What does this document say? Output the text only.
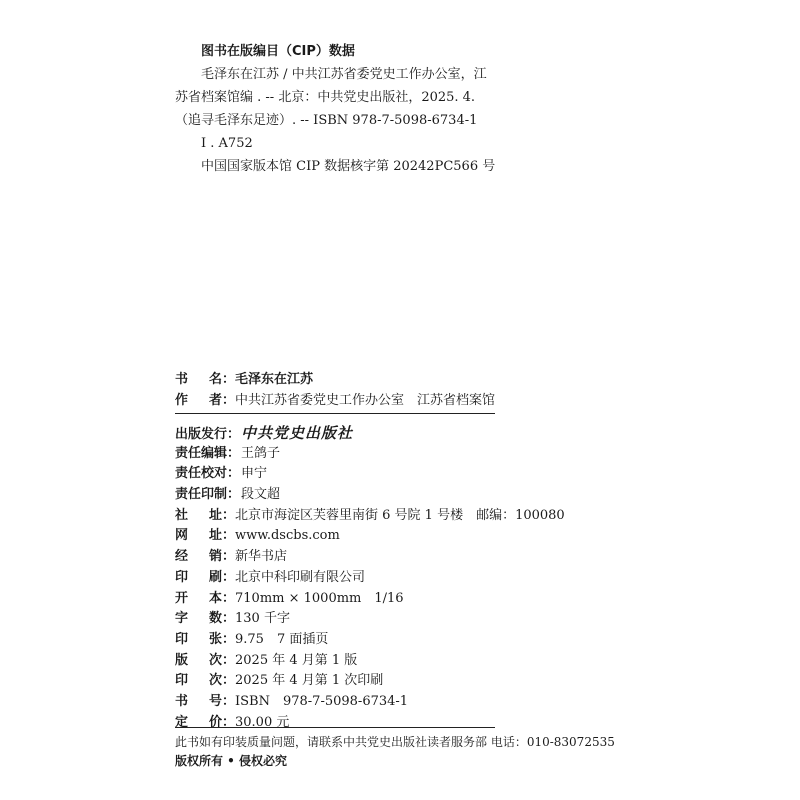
图书在版编目（CIP）数据
毛泽东在江苏 / 中共江苏省委党史工作办公室，江
苏省档案馆编 . -- 北京：中共党史出版社，2025. 4.
（追寻毛泽东足迹）. -- ISBN 978-7-5098-6734-1
Ⅰ . A752
中国国家版本馆 CIP 数据核字第 20242PC566 号
书 名： 毛泽东在江苏
作 者： 中共江苏省委党史工作办公室　江苏省档案馆
出版发行： 中共党史出版社
责任编辑： 王鸽子
责任校对： 申宁
责任印制： 段文超
社 址： 北京市海淀区芙蓉里南街 6 号院 1 号楼　邮编：100080
网 址： www.dscbs.com
经 销： 新华书店
印 刷： 北京中科印刷有限公司
开 本： 710mm × 1000mm　1/16
字 数： 130 千字
印 张： 9.75　7 面插页
版 次： 2025 年 4 月第 1 版
印 次： 2025 年 4 月第 1 次印刷
书 号： ISBN　978-7-5098-6734-1
定 价： 30.00 元
此书如有印装质量问题，请联系中共党史出版社读者服务部 电话：010-83072535
版权所有 • 侵权必究
